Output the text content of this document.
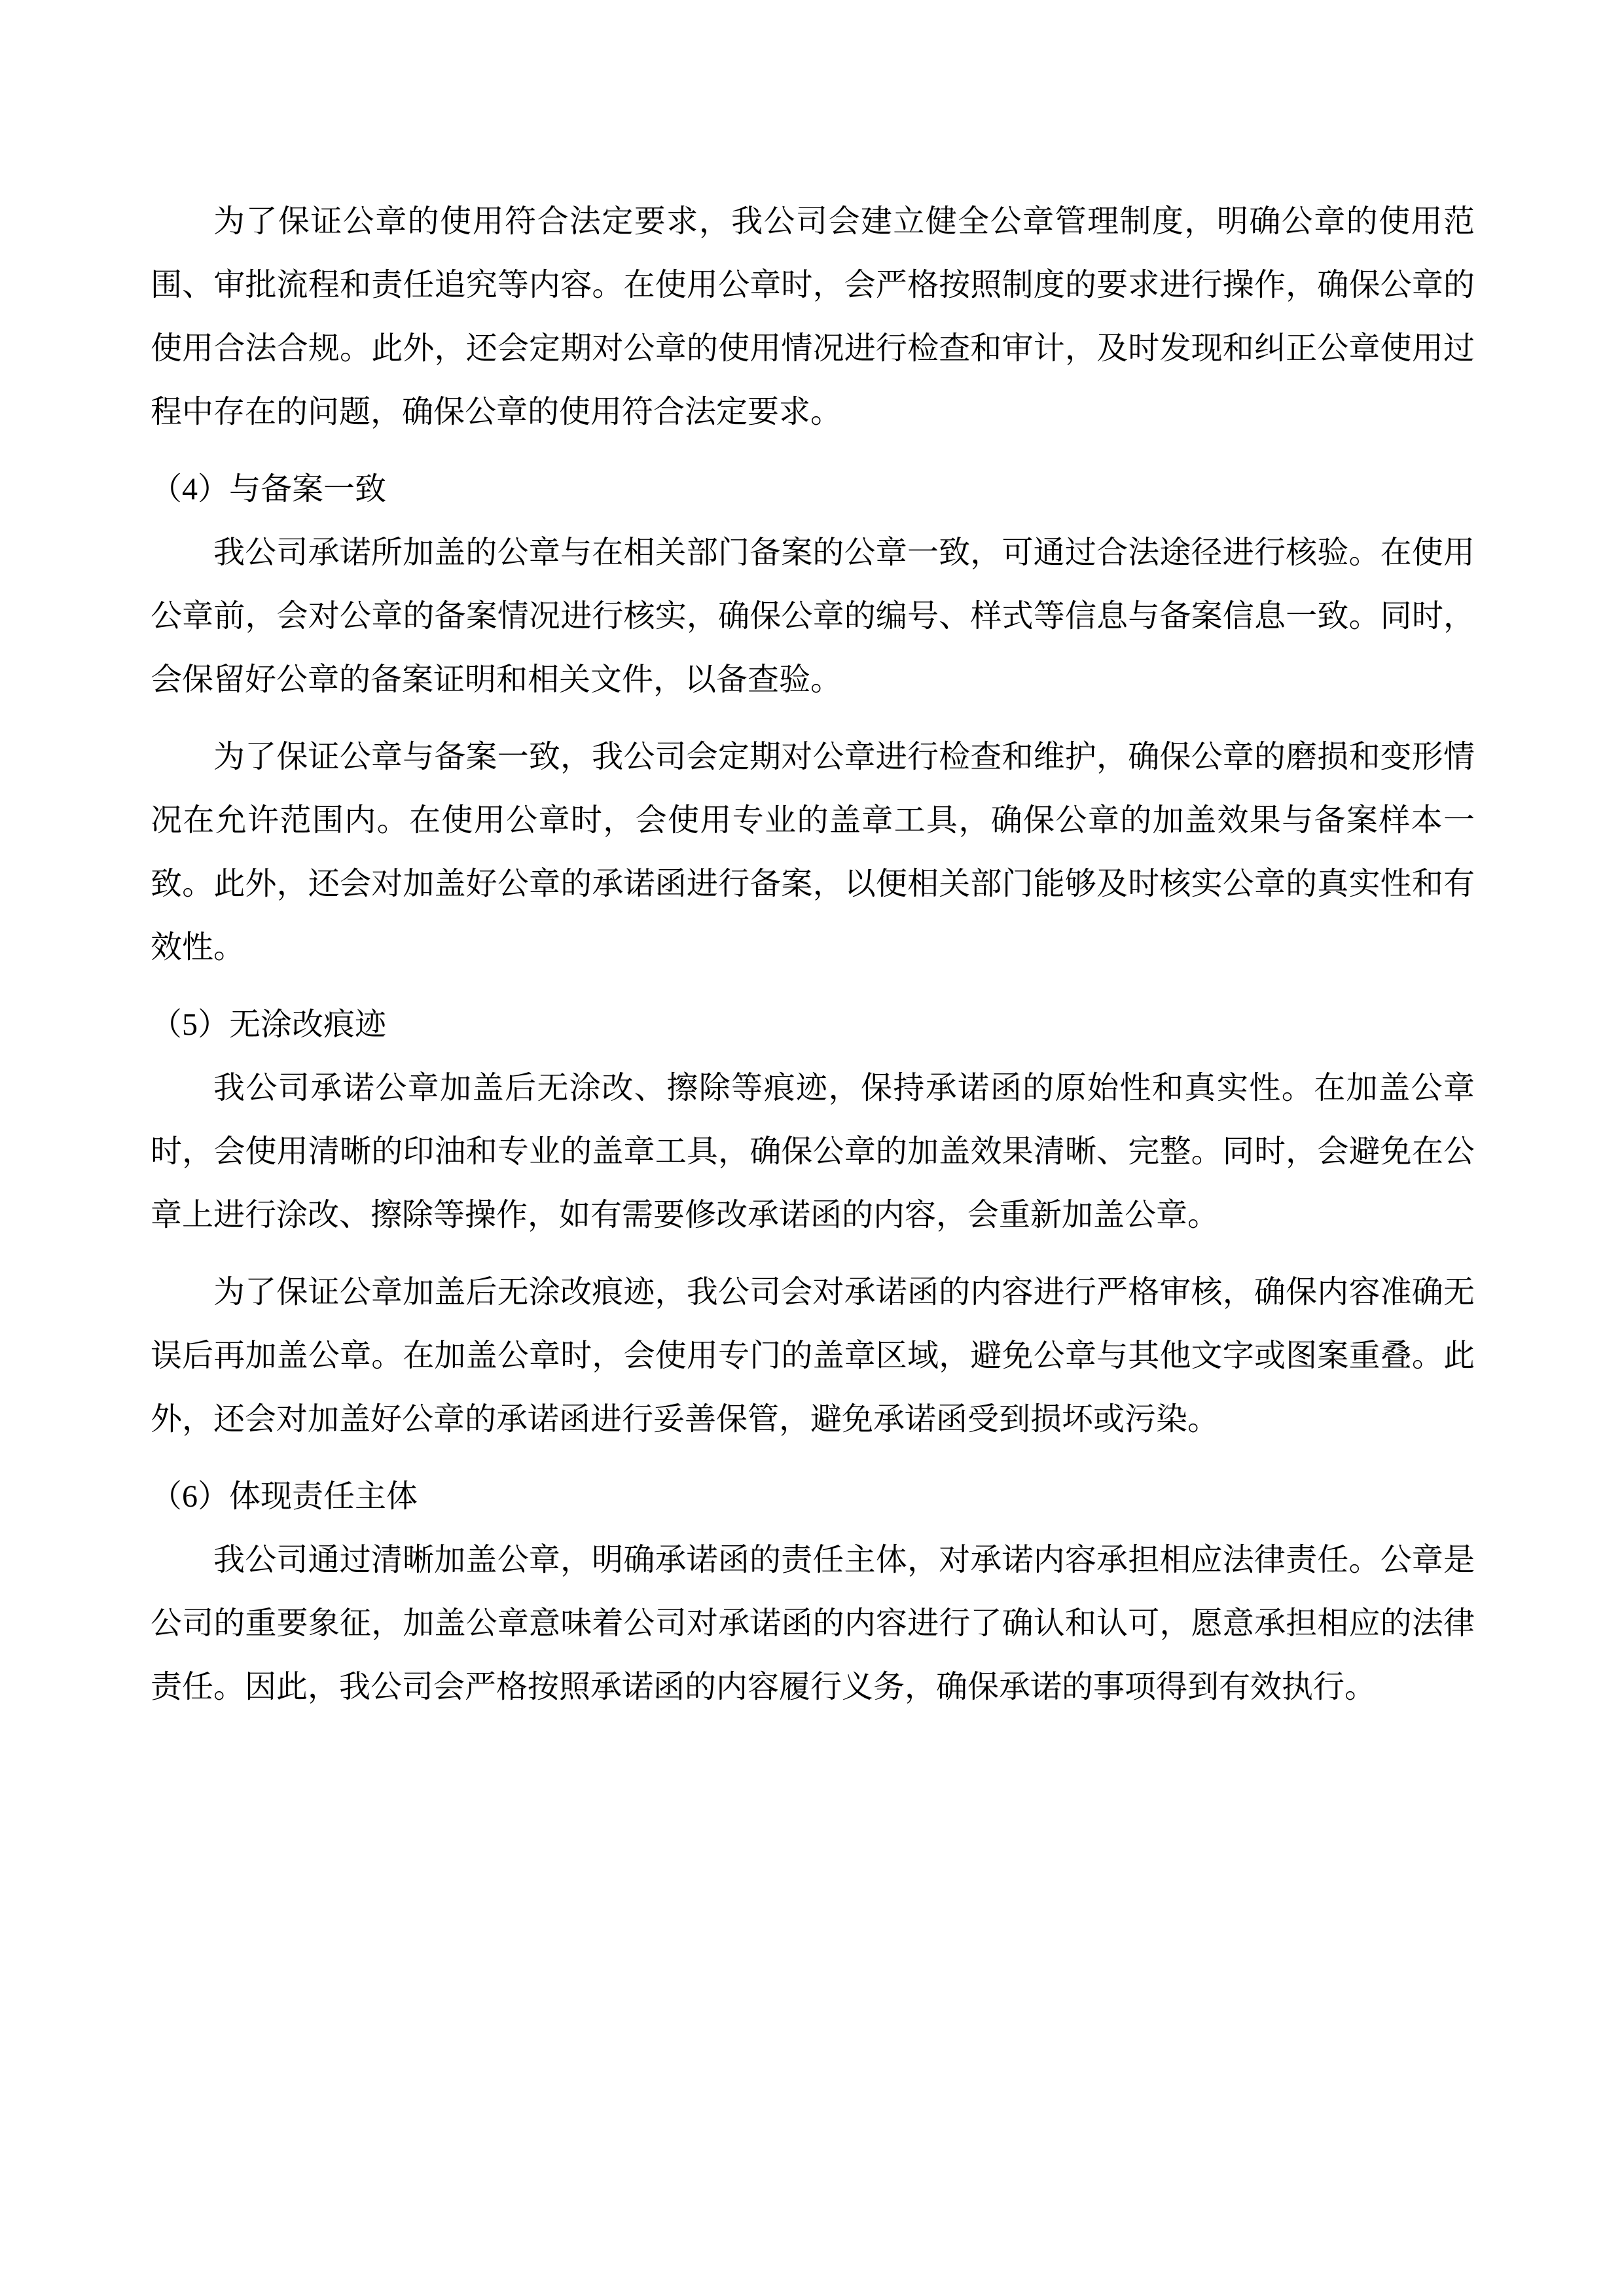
为了保证公章的使用符合法定要求，我公司会建立健全公章管理制度，明确公章的使用范围、审批流程和责任追究等内容。在使用公章时，会严格按照制度的要求进行操作，确保公章的使用合法合规。此外，还会定期对公章的使用情况进行检查和审计，及时发现和纠正公章使用过程中存在的问题，确保公章的使用符合法定要求。

（4）与备案一致

我公司承诺所加盖的公章与在相关部门备案的公章一致，可通过合法途径进行核验。在使用公章前，会对公章的备案情况进行核实，确保公章的编号、样式等信息与备案信息一致。同时，会保留好公章的备案证明和相关文件，以备查验。

为了保证公章与备案一致，我公司会定期对公章进行检查和维护，确保公章的磨损和变形情况在允许范围内。在使用公章时，会使用专业的盖章工具，确保公章的加盖效果与备案样本一致。此外，还会对加盖好公章的承诺函进行备案，以便相关部门能够及时核实公章的真实性和有效性。

（5）无涂改痕迹

我公司承诺公章加盖后无涂改、擦除等痕迹，保持承诺函的原始性和真实性。在加盖公章时，会使用清晰的印油和专业的盖章工具，确保公章的加盖效果清晰、完整。同时，会避免在公章上进行涂改、擦除等操作，如有需要修改承诺函的内容，会重新加盖公章。

为了保证公章加盖后无涂改痕迹，我公司会对承诺函的内容进行严格审核，确保内容准确无误后再加盖公章。在加盖公章时，会使用专门的盖章区域，避免公章与其他文字或图案重叠。此外，还会对加盖好公章的承诺函进行妥善保管，避免承诺函受到损坏或污染。

（6）体现责任主体

我公司通过清晰加盖公章，明确承诺函的责任主体，对承诺内容承担相应法律责任。公章是公司的重要象征，加盖公章意味着公司对承诺函的内容进行了确认和认可，愿意承担相应的法律责任。因此，我公司会严格按照承诺函的内容履行义务，确保承诺的事项得到有效执行。
